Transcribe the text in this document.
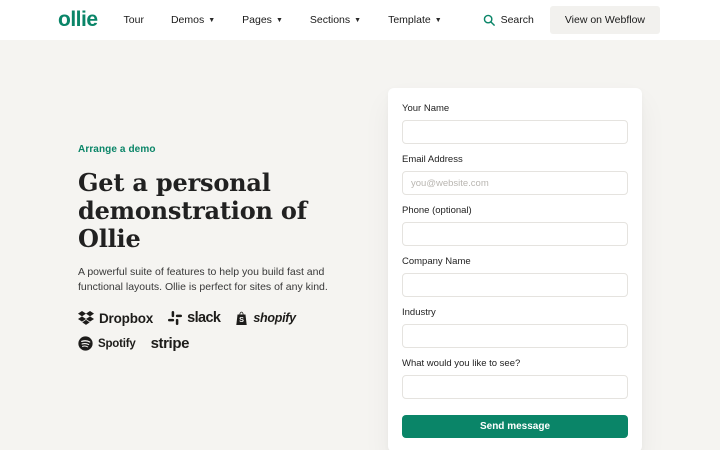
ollie Tour	Demos ▼	Pages ▼	Sections ▼	Template ▼	Search	View on Webflow
Arrange a demo
Get a personal
demonstration of
Ollie

A powerful suite of features to help you build fast and functional layouts. Ollie is perfect for sites of any kind.

Dropbox slack S shopify
Spotify stripe
Your Name
Email Address
you@website.com
Phone (optional)
Company Name
Industry
What would you like to see?
Send message
